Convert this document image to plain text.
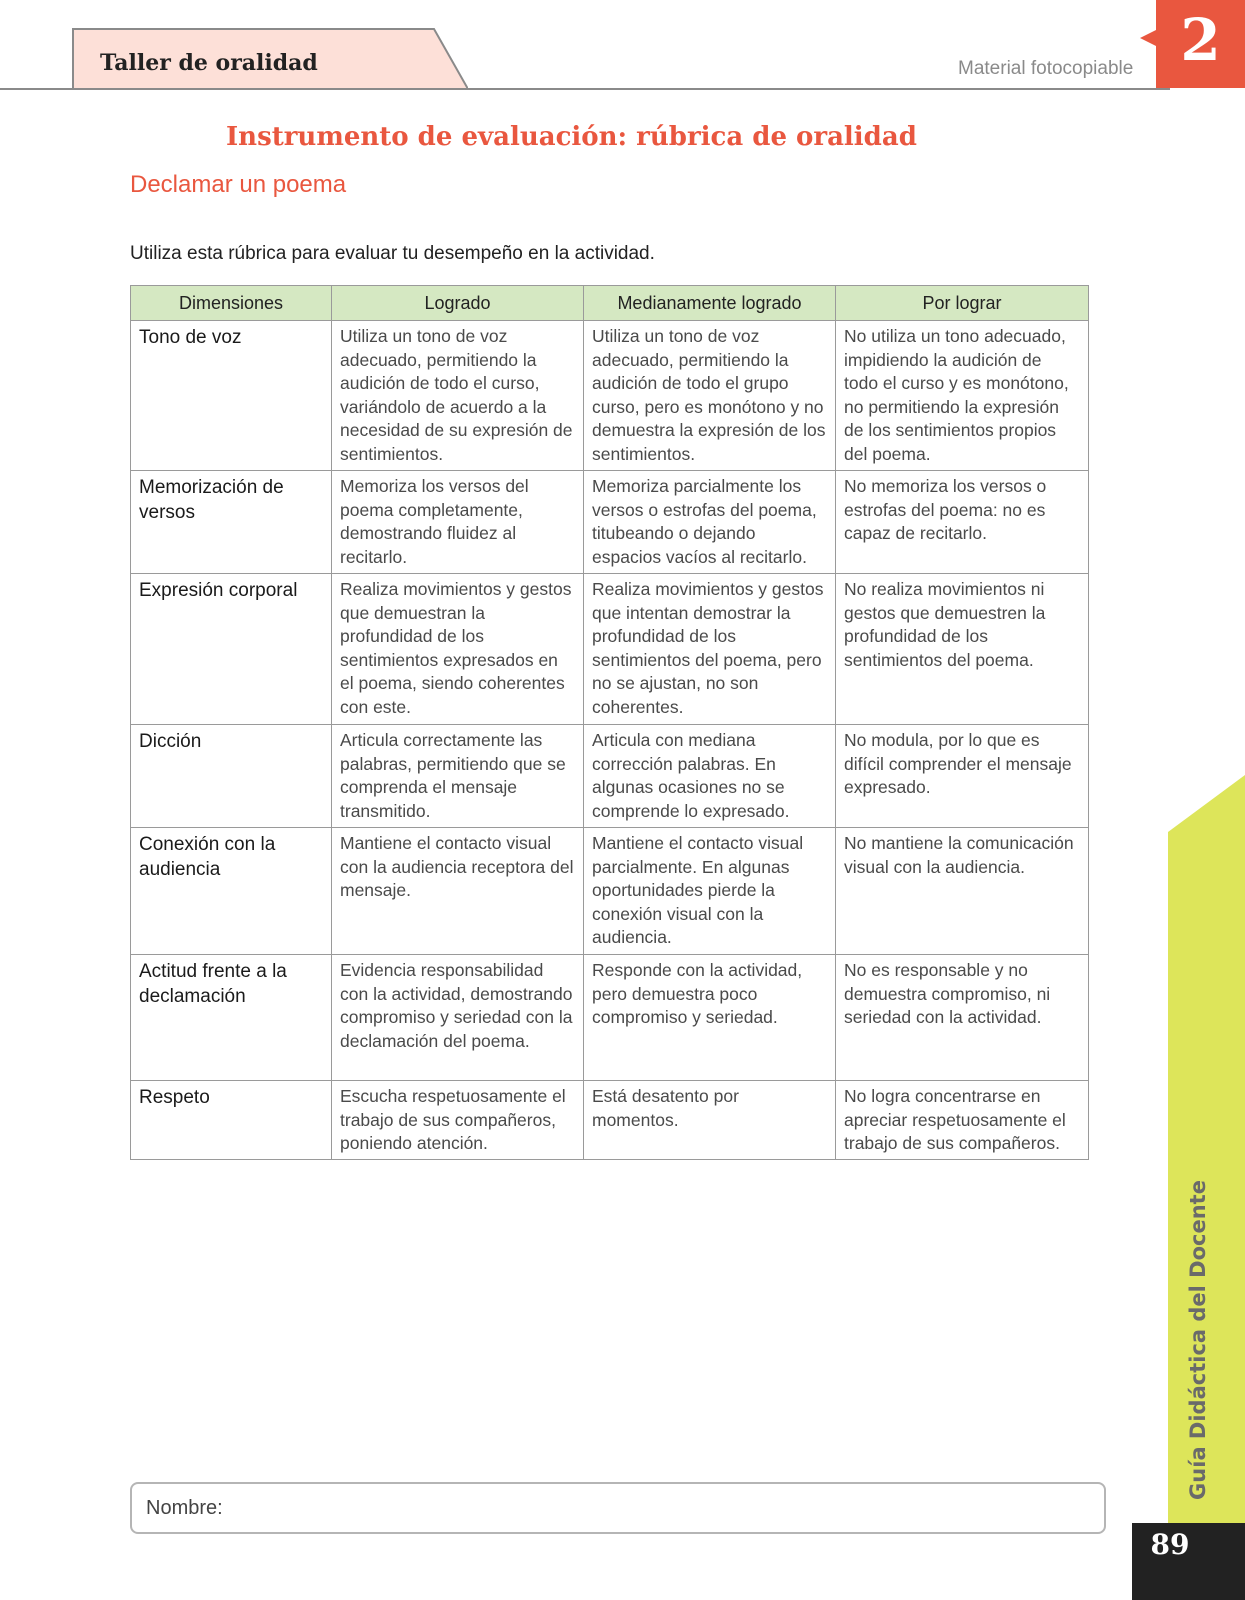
Taller de oralidad	Material fotocopiable 2
Instrumento de evaluación: rúbrica de oralidad
Declamar un poema
Utiliza esta rúbrica para evaluar tu desempeño en la actividad.
Dimensiones	Logrado	Medianamente logrado	Por lograr
Tono de voz	Utiliza un tono de voz adecuado, permitiendo la audición de todo el curso, variándolo de acuerdo a la necesidad de su expresión de sentimientos.	Utiliza un tono de voz adecuado, permitiendo la audición de todo el grupo curso, pero es monótono y no demuestra la expresión de los sentimientos.	No utiliza un tono adecuado, impidiendo la audición de todo el curso y es monótono, no permitiendo la expresión de los sentimientos propios del poema.
Memorización de versos	Memoriza los versos del poema completamente, demostrando fluidez al recitarlo.	Memoriza parcialmente los versos o estrofas del poema, titubeando o dejando espacios vacíos al recitarlo.	No memoriza los versos o estrofas del poema: no es capaz de recitarlo.
Expresión corporal	Realiza movimientos y gestos que demuestran la profundidad de los sentimientos expresados en el poema, siendo coherentes con este.	Realiza movimientos y gestos que intentan demostrar la profundidad de los sentimientos del poema, pero no se ajustan, no son coherentes.	No realiza movimientos ni gestos que demuestren la profundidad de los sentimientos del poema.
Dicción	Articula correctamente las palabras, permitiendo que se comprenda el mensaje transmitido.	Articula con mediana corrección palabras. En algunas ocasiones no se comprende lo expresado.	No modula, por lo que es difícil comprender el mensaje expresado.
Conexión con la audiencia	Mantiene el contacto visual con la audiencia receptora del mensaje.	Mantiene el contacto visual parcialmente. En algunas oportunidades pierde la conexión visual con la audiencia.	No mantiene la comunicación visual con la audiencia.
Actitud frente a la declamación	Evidencia responsabilidad con la actividad, demostrando compromiso y seriedad con la declamación del poema.	Responde con la actividad, pero demuestra poco compromiso y seriedad.	No es responsable y no demuestra compromiso, ni seriedad con la actividad.
Respeto	Escucha respetuosamente el trabajo de sus compañeros, poniendo atención.	Está desatento por momentos.	No logra concentrarse en apreciar respetuosamente el trabajo de sus compañeros.
Nombre:
Guía Didáctica del Docente
89
